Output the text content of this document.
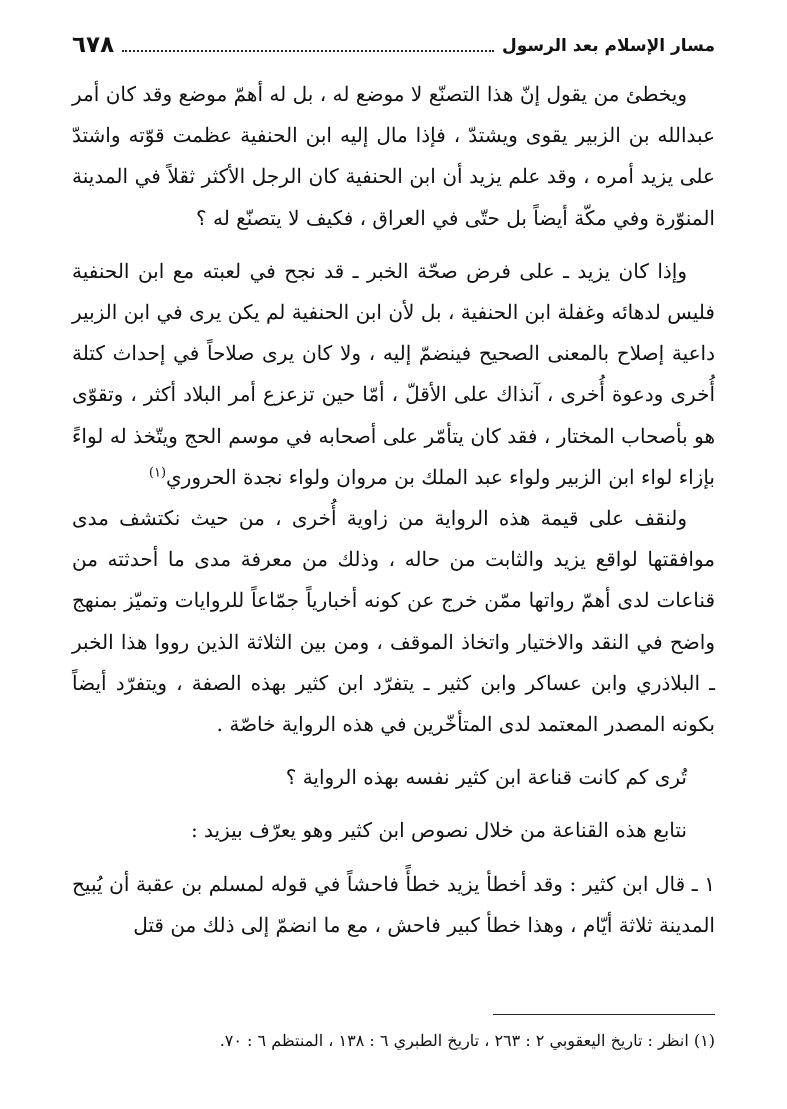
٦٧٨	مسار الإسلام بعد الرسول

ويخطئ من يقول إنّ هذا التصنّع لا موضع له ، بل له أهمّ موضع وقد كان أمر عبدالله بن الزبير يقوى ويشتدّ ، فإذا مال إليه ابن الحنفية عظمت قوّته واشتدّ على يزيد أمره ، وقد علم يزيد أن ابن الحنفية كان الرجل الأكثر ثقلاً في المدينة المنوّرة وفي مكّة أيضاً بل حتّى في العراق ، فكيف لا يتصنّع له ؟

وإذا كان يزيد ـ على فرض صحّة الخبر ـ قد نجح في لعبته مع ابن الحنفية فليس لدهائه وغفلة ابن الحنفية ، بل لأن ابن الحنفية لم يكن يرى في ابن الزبير داعية إصلاح بالمعنى الصحيح فينضمّ إليه ، ولا كان يرى صلاحاً في إحداث كتلة أُخرى ودعوة أُخرى ، آنذاك على الأقلّ ، أمّا حين تزعزع أمر البلاد أكثر ، وتقوّى هو بأصحاب المختار ، فقد كان يتأمّر على أصحابه في موسم الحج ويتّخذ له لواءً بإزاء لواء ابن الزبير ولواء عبد الملك بن مروان ولواء نجدة الحروري$^{(١)}$

ولنقف على قيمة هذه الرواية من زاوية أُخرى ، من حيث نكتشف مدى موافقتها لواقع يزيد والثابت من حاله ، وذلك من معرفة مدى ما أحدثته من قناعات لدى أهمّ رواتها ممّن خرج عن كونه أخبارياً جمّاعاً للروايات وتميّز بمنهج واضح في النقد والاختيار واتخاذ الموقف ، ومن بين الثلاثة الذين رووا هذا الخبر ـ البلاذري وابن عساكر وابن كثير ـ يتفرّد ابن كثير بهذه الصفة ، ويتفرّد أيضاً بكونه المصدر المعتمد لدى المتأخّرين في هذه الرواية خاصّة .

تُرى كم كانت قناعة ابن كثير نفسه بهذه الرواية ؟

نتابع هذه القناعة من خلال نصوص ابن كثير وهو يعرّف بيزيد :

١ ـ قال ابن كثير : وقد أخطأ يزيد خطأً فاحشاً في قوله لمسلم بن عقبة أن يُبيح المدينة ثلاثة أيّام ، وهذا خطأ كبير فاحش ، مع ما انضمّ إلى ذلك من قتل

(١) انظر : تاريخ اليعقوبي ٢ : ٢٦٣ ، تاريخ الطبري ٦ : ١٣٨ ، المنتظم ٦ : ٧٠.
